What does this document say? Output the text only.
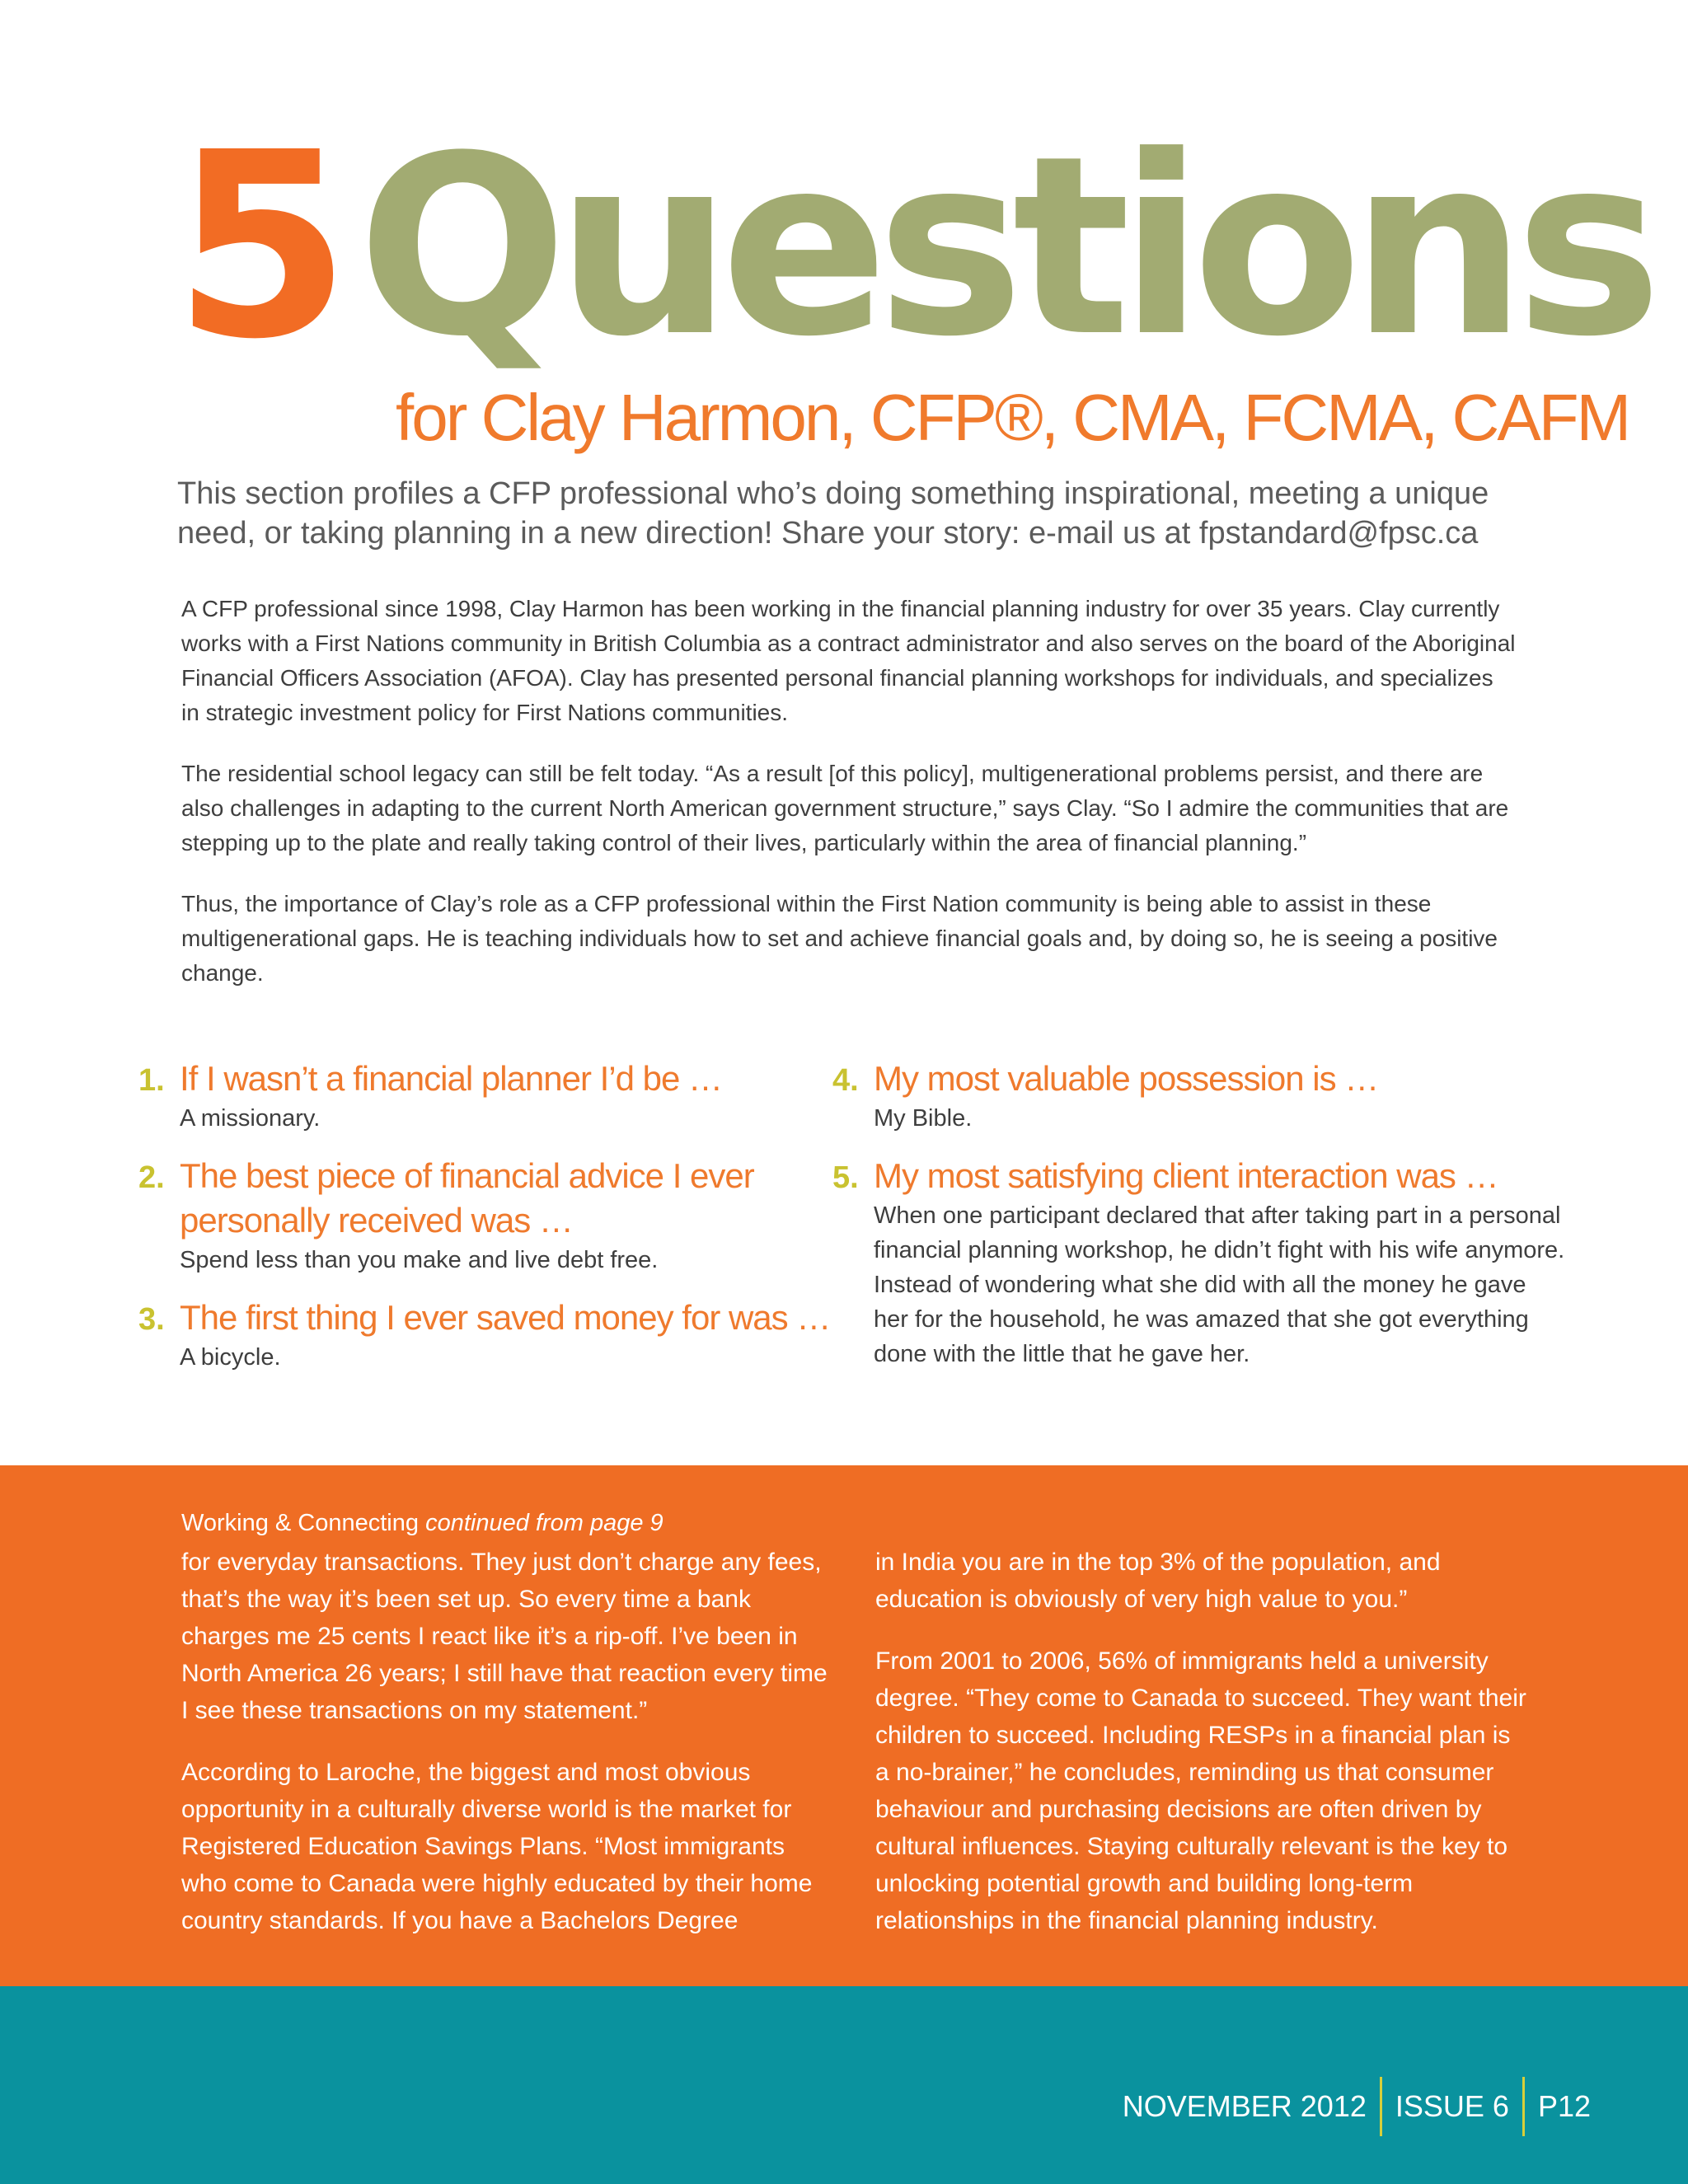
5Questions
for Clay Harmon, CFP®, CMA, FCMA, CAFM
This section profiles a CFP professional who’s doing something inspirational, meeting a unique need, or taking planning in a new direction! Share your story: e-mail us at fpstandard@fpsc.ca

A CFP professional since 1998, Clay Harmon has been working in the financial planning industry for over 35 years. Clay currently works with a First Nations community in British Columbia as a contract administrator and also serves on the board of the Aboriginal Financial Officers Association (AFOA). Clay has presented personal financial planning workshops for individuals, and specializes in strategic investment policy for First Nations communities.

The residential school legacy can still be felt today. “As a result [of this policy], multigenerational problems persist, and there are also challenges in adapting to the current North American government structure,” says Clay. “So I admire the communities that are stepping up to the plate and really taking control of their lives, particularly within the area of financial planning.”

Thus, the importance of Clay’s role as a CFP professional within the First Nation community is being able to assist in these multigenerational gaps. He is teaching individuals how to set and achieve financial goals and, by doing so, he is seeing a positive change.

1. If I wasn’t a financial planner I’d be …
A missionary.
2. The best piece of financial advice I ever personally received was …
Spend less than you make and live debt free.
3. The first thing I ever saved money for was …
A bicycle.
4. My most valuable possession is …
My Bible.
5. My most satisfying client interaction was …
When one participant declared that after taking part in a personal financial planning workshop, he didn’t fight with his wife anymore. Instead of wondering what she did with all the money he gave her for the household, he was amazed that she got everything done with the little that he gave her.
Working & Connecting continued from page 9

for everyday transactions. They just don’t charge any fees, that’s the way it’s been set up. So every time a bank charges me 25 cents I react like it’s a rip-off. I’ve been in North America 26 years; I still have that reaction every time I see these transactions on my statement.”

According to Laroche, the biggest and most obvious opportunity in a culturally diverse world is the market for Registered Education Savings Plans. “Most immigrants who come to Canada were highly educated by their home country standards. If you have a Bachelors Degree

in India you are in the top 3% of the population, and education is obviously of very high value to you.”

From 2001 to 2006, 56% of immigrants held a university degree. “They come to Canada to succeed. They want their children to succeed. Including RESPs in a financial plan is a no-brainer,” he concludes, reminding us that consumer behaviour and purchasing decisions are often driven by cultural influences. Staying culturally relevant is the key to unlocking potential growth and building long-term relationships in the financial planning industry.

NOVEMBER 2012 ISSUE 6 P12
